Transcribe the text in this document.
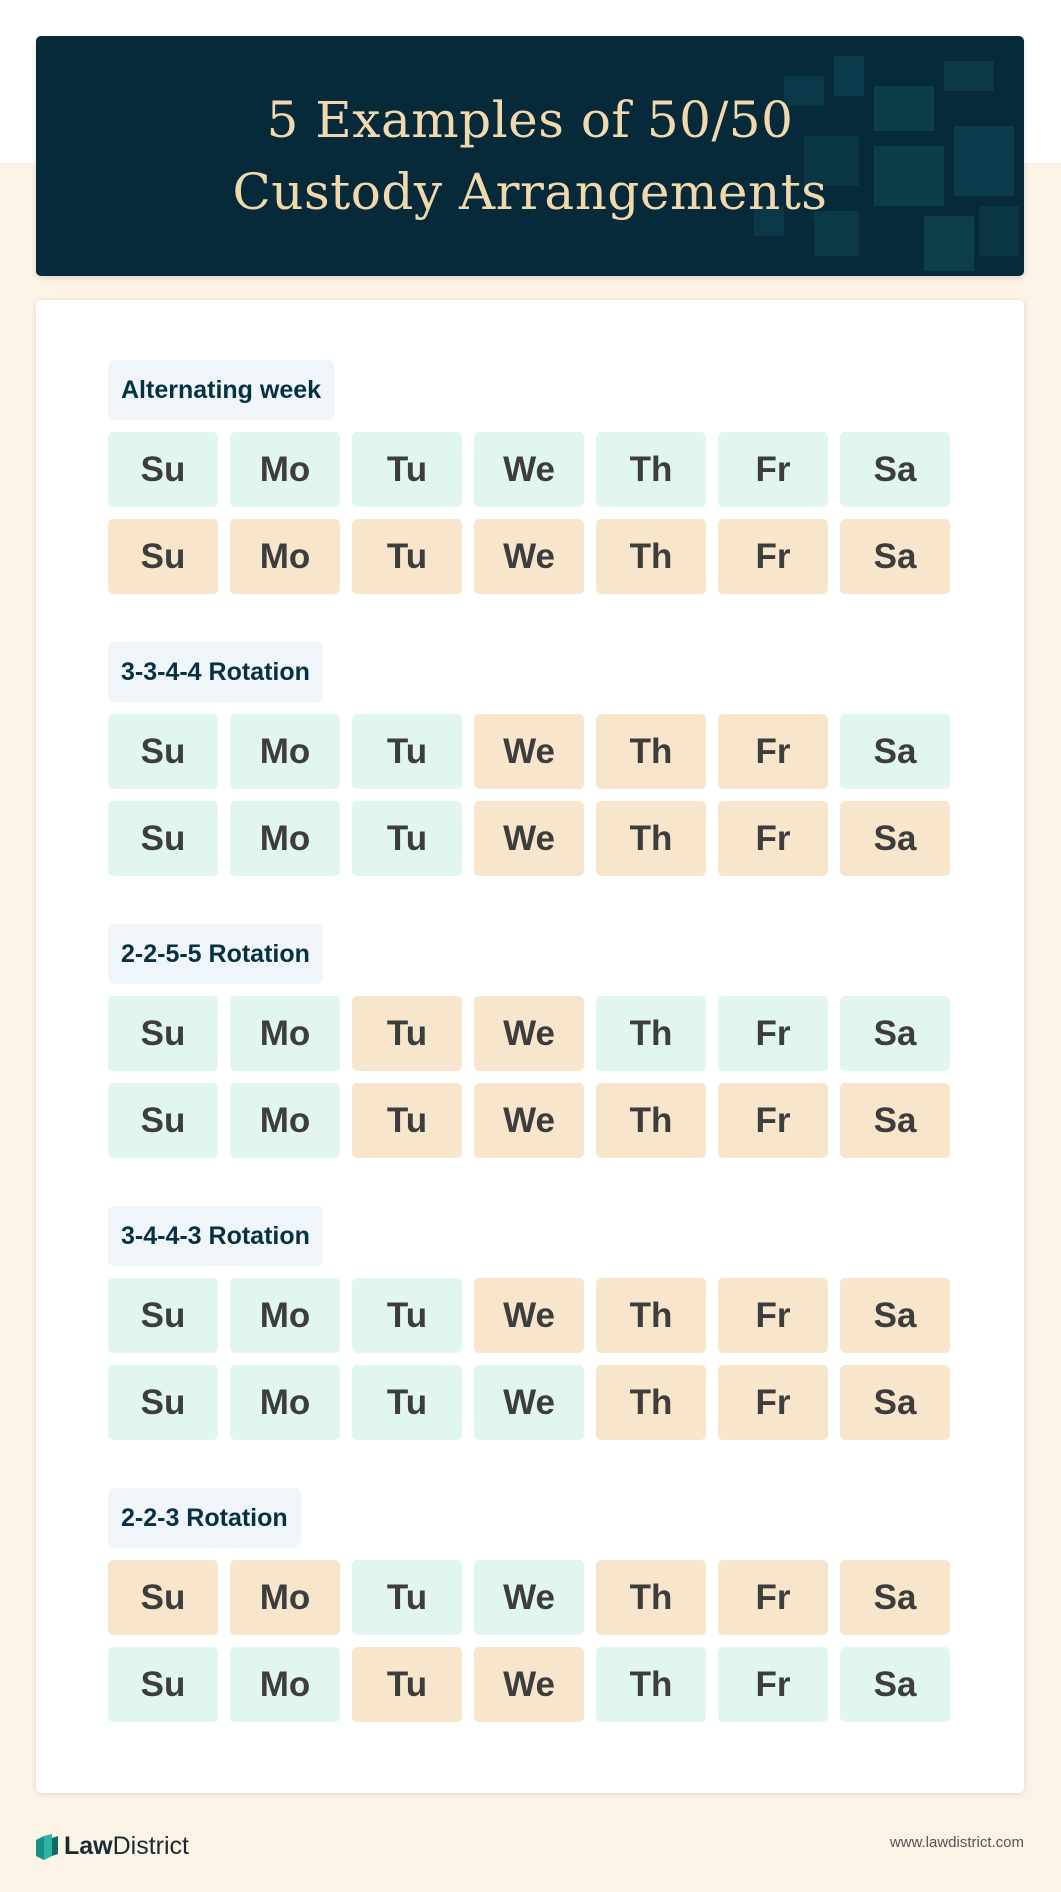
5 Examples of 50/50
Custody Arrangements
Alternating week
Su	Mo	Tu	We	Th	Fr	Sa
Su	Mo	Tu	We	Th	Fr	Sa
3-3-4-4 Rotation
Su	Mo	Tu	We	Th	Fr	Sa
Su	Mo	Tu	We	Th	Fr	Sa
2-2-5-5 Rotation
Su	Mo	Tu	We	Th	Fr	Sa
Su	Mo	Tu	We	Th	Fr	Sa
3-4-4-3 Rotation
Su	Mo	Tu	We	Th	Fr	Sa
Su	Mo	Tu	We	Th	Fr	Sa
2-2-3 Rotation
Su	Mo	Tu	We	Th	Fr	Sa
Su	Mo	Tu	We	Th	Fr	Sa
LawDistrict	www.lawdistrict.com
